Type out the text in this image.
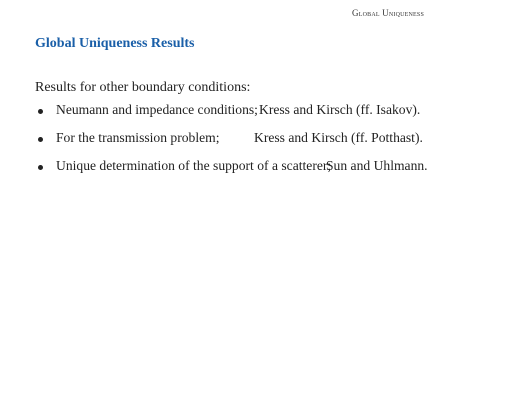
Global Uniqueness
Global Uniqueness Results
Results for other boundary conditions:
Neumann and impedance conditions; Kress and Kirsch (ff. Isakov).
For the transmission problem;	Kress and Kirsch (ff. Potthast).
Unique determination of the support of a scatterer;
Sun and Uhlmann.
